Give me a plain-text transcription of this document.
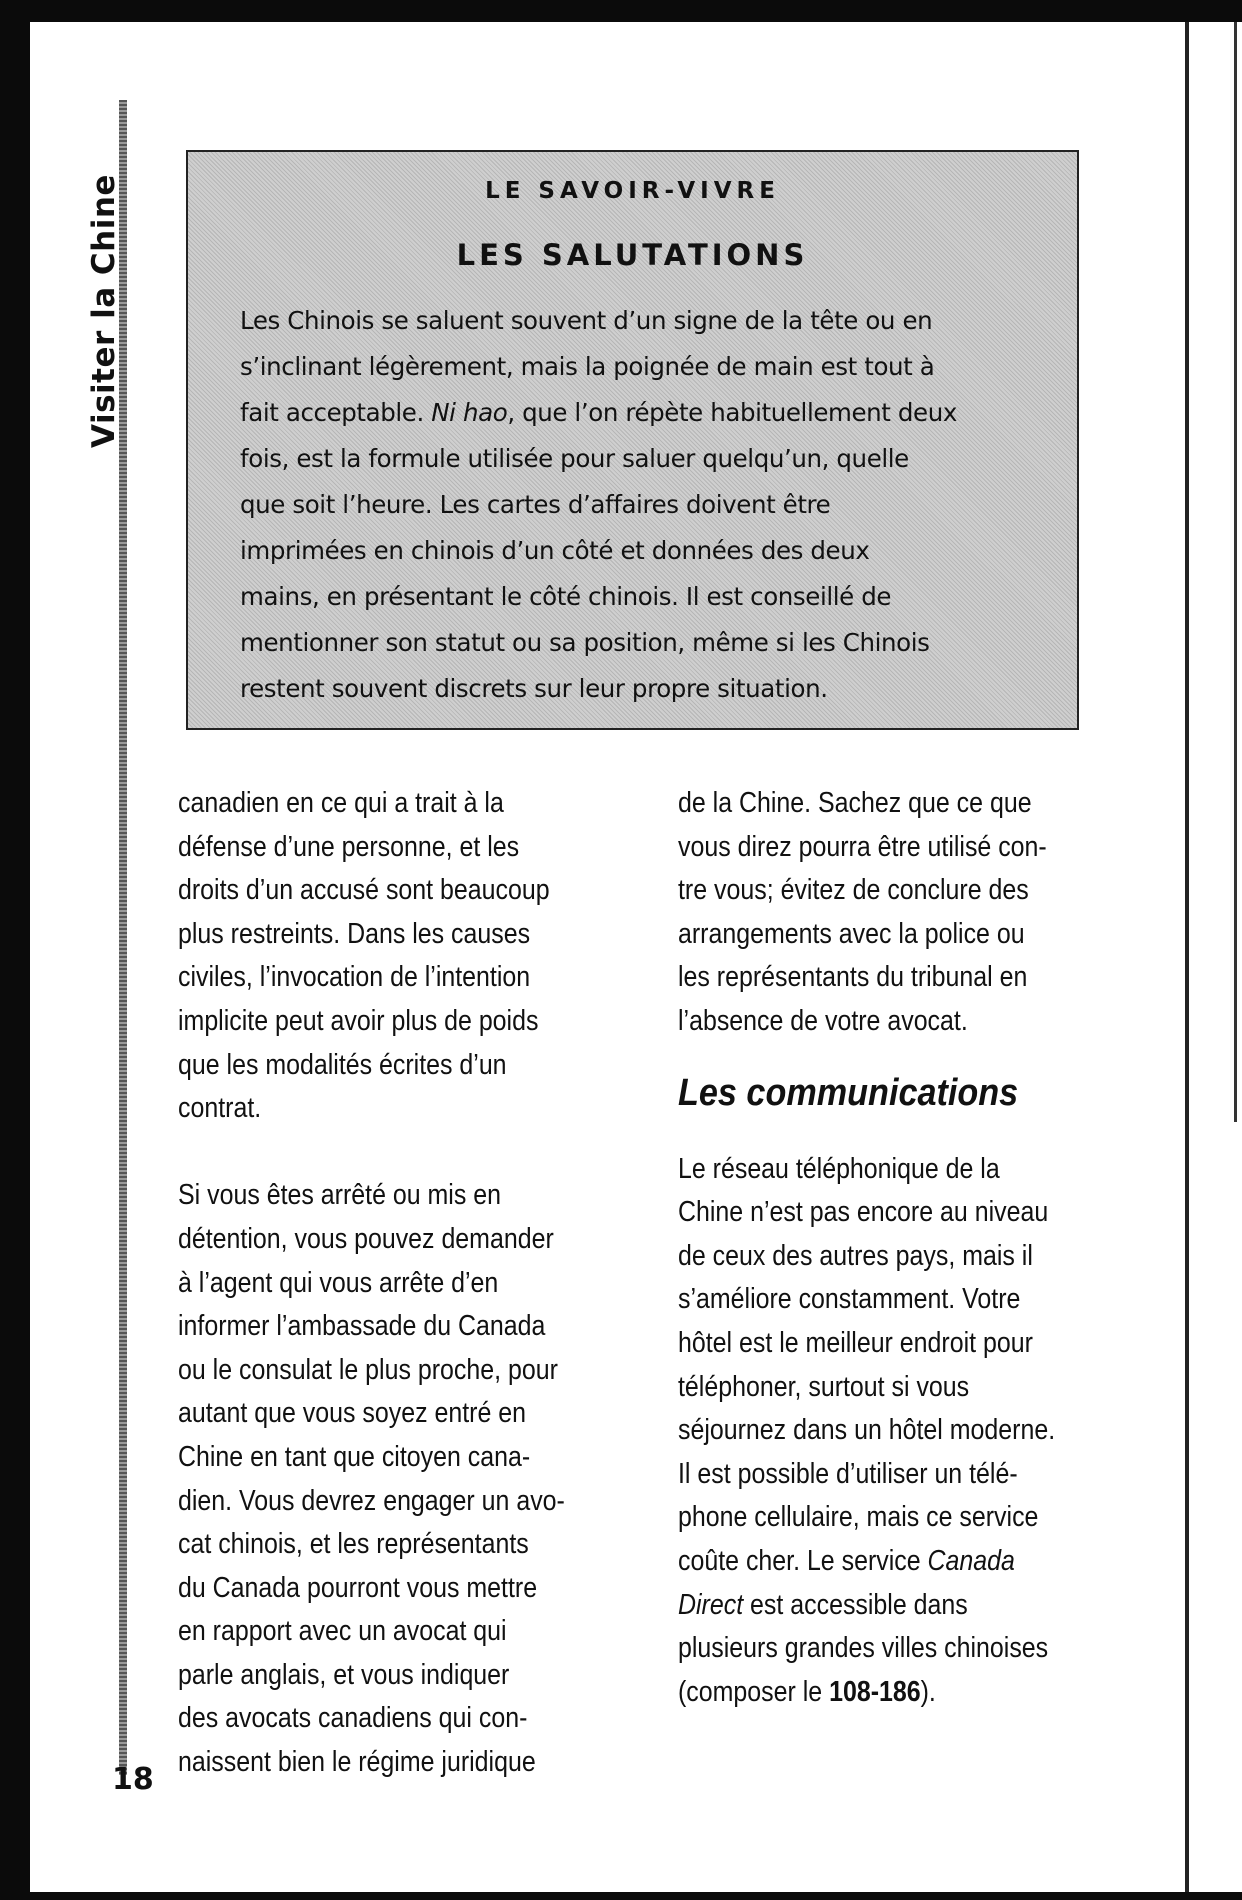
Visiter la Chine
18
LE SAVOIR-VIVRE
LES SALUTATIONS
Les Chinois se saluent souvent d’un signe de la tête ou en
s’inclinant légèrement, mais la poignée de main est tout à
fait acceptable. Ni hao, que l’on répète habituellement deux
fois, est la formule utilisée pour saluer quelqu’un, quelle
que soit l’heure. Les cartes d’affaires doivent être
imprimées en chinois d’un côté et données des deux
mains, en présentant le côté chinois. Il est conseillé de
mentionner son statut ou sa position, même si les Chinois
restent souvent discrets sur leur propre situation.
canadien en ce qui a trait à la
défense d’une personne, et les
droits d’un accusé sont beaucoup
plus restreints. Dans les causes
civiles, l’invocation de l’intention
implicite peut avoir plus de poids
que les modalités écrites d’un
contrat.
Si vous êtes arrêté ou mis en
détention, vous pouvez demander
à l’agent qui vous arrête d’en
informer l’ambassade du Canada
ou le consulat le plus proche, pour
autant que vous soyez entré en
Chine en tant que citoyen cana-
dien. Vous devrez engager un avo-
cat chinois, et les représentants
du Canada pourront vous mettre
en rapport avec un avocat qui
parle anglais, et vous indiquer
des avocats canadiens qui con-
naissent bien le régime juridique
de la Chine. Sachez que ce que
vous direz pourra être utilisé con-
tre vous; évitez de conclure des
arrangements avec la police ou
les représentants du tribunal en
l’absence de votre avocat.
Les communications
Le réseau téléphonique de la
Chine n’est pas encore au niveau
de ceux des autres pays, mais il
s’améliore constamment. Votre
hôtel est le meilleur endroit pour
téléphoner, surtout si vous
séjournez dans un hôtel moderne.
Il est possible d’utiliser un télé-
phone cellulaire, mais ce service
coûte cher. Le service Canada
Direct est accessible dans
plusieurs grandes villes chinoises
(composer le 108-186).
